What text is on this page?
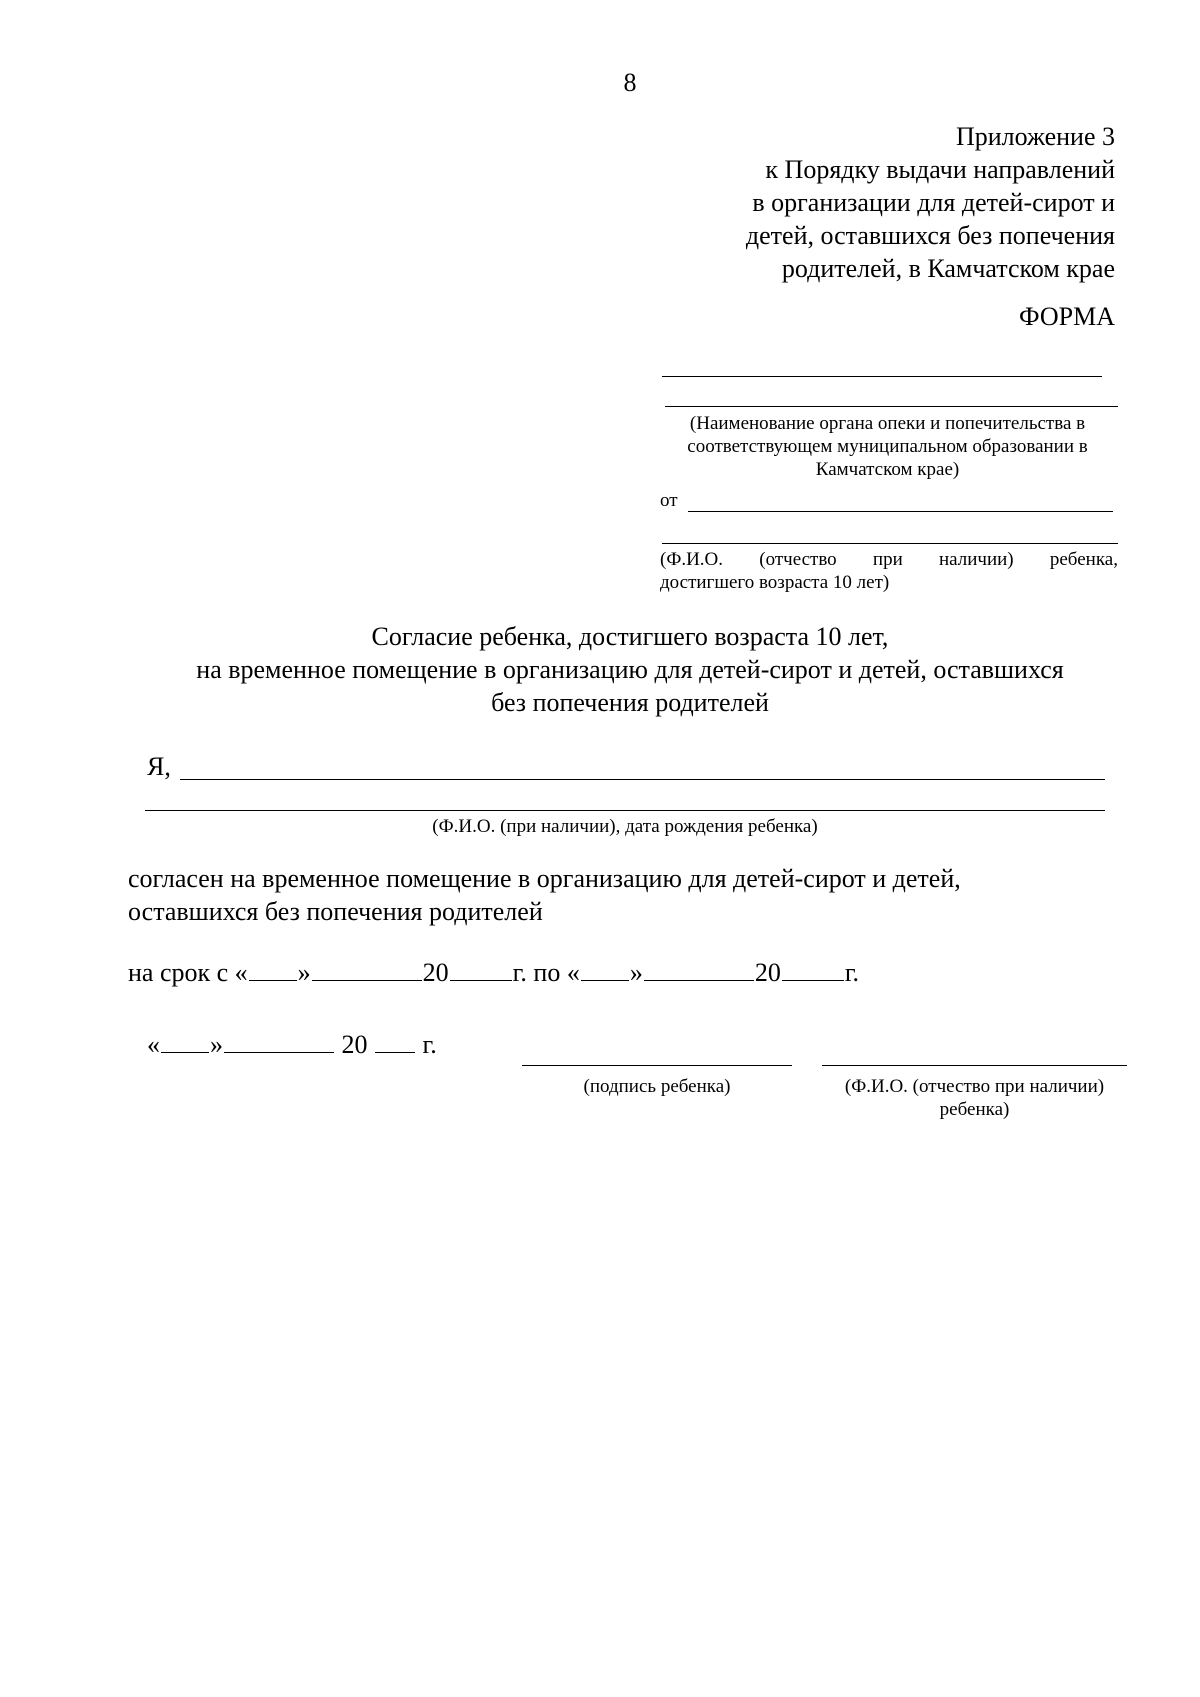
8
Приложение 3
к Порядку выдачи направлений
в организации для детей-сирот и
детей, оставшихся без попечения
родителей, в Камчатском крае
ФОРМА
(Наименование органа опеки и попечительства в
соответствующем муниципальном образовании в
Камчатском крае)
от
(Ф.И.О. (отчество при наличии) ребенка,
достигшего возраста 10 лет)
Согласие ребенка, достигшего возраста 10 лет,
на временное помещение в организацию для детей-сирот и детей, оставшихся
без попечения родителей
Я,
(Ф.И.О. (при наличии), дата рождения ребенка)
согласен на временное помещение в организацию для детей-сирот и детей,
оставшихся без попечения родителей
на срок с « »	20 г. по « »	20 г.
« »	20 г.
(подпись ребенка)	(Ф.И.О. (отчество при наличии)
ребенка)
